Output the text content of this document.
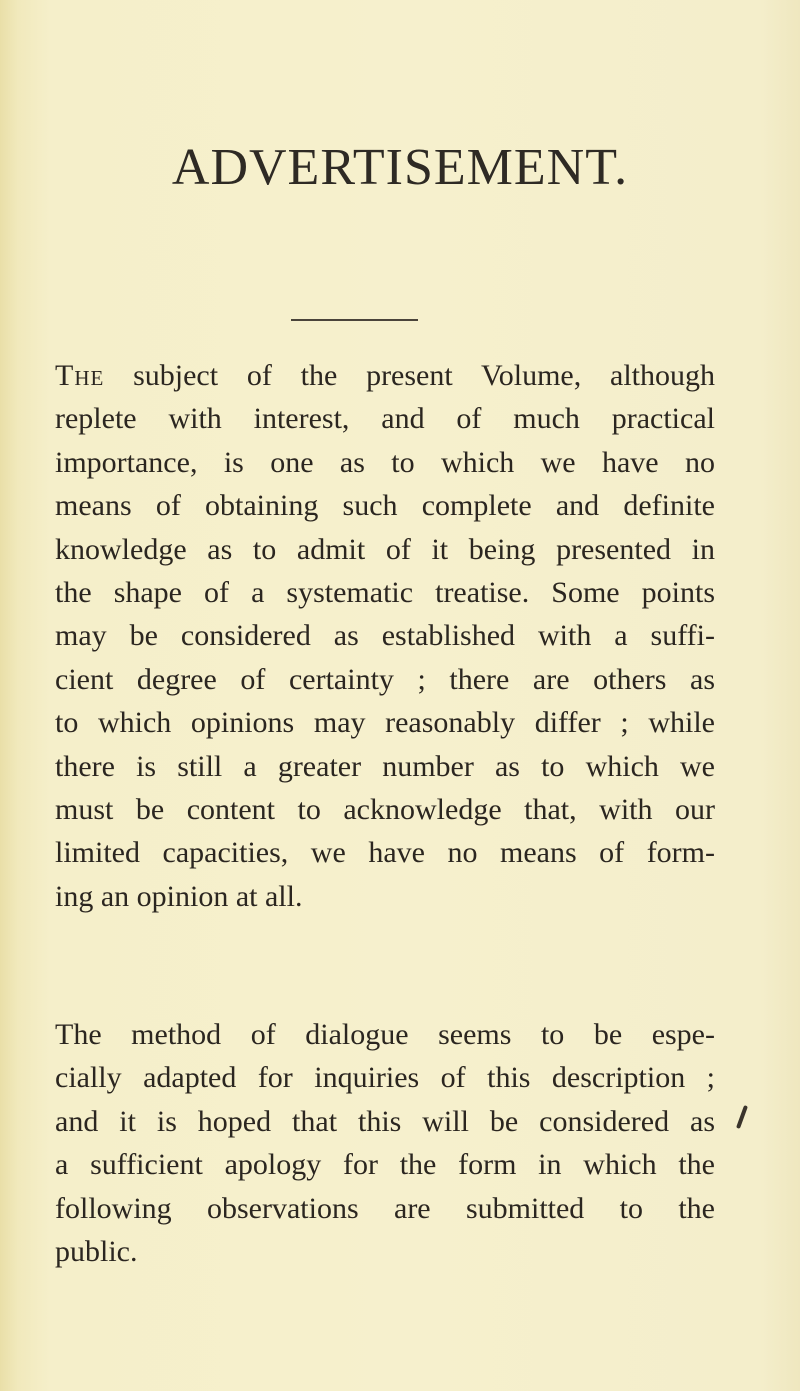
ADVERTISEMENT.
The subject of the present Volume, although
replete with interest, and of much practical
importance, is one as to which we have no
means of obtaining such complete and definite
knowledge as to admit of it being presented in
the shape of a systematic treatise. Some points
may be considered as established with a suffi-
cient degree of certainty ; there are others as
to which opinions may reasonably differ ; while
there is still a greater number as to which we
must be content to acknowledge that, with our
limited capacities, we have no means of form-
ing an opinion at all.
The method of dialogue seems to be espe-
cially adapted for inquiries of this description ;
and it is hoped that this will be considered as
a sufficient apology for the form in which the
following observations are submitted to the
public.
